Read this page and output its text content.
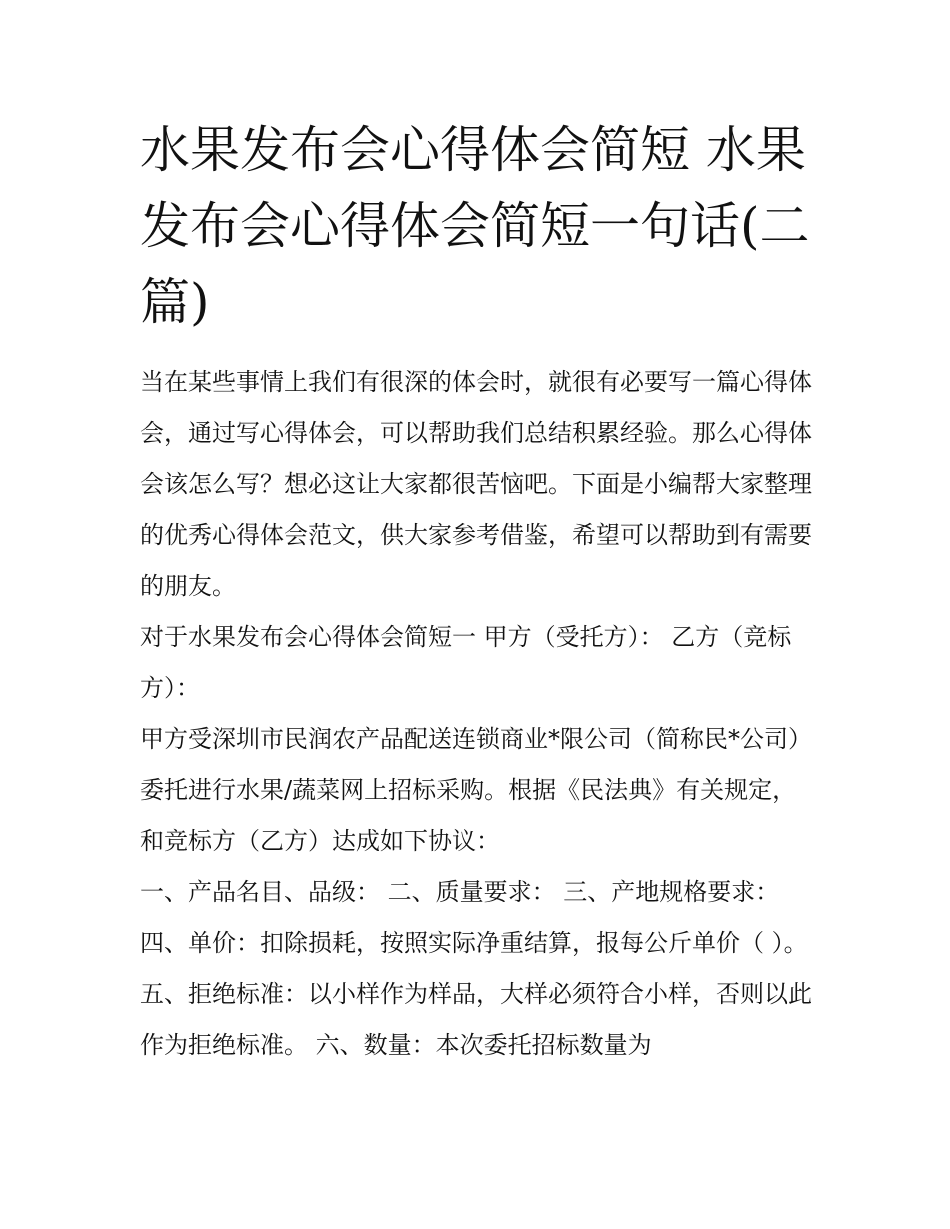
水果发布会心得体会简短 水果发布会心得体会简短一句话(二篇)

当在某些事情上我们有很深的体会时，就很有必要写一篇心得体会，通过写心得体会，可以帮助我们总结积累经验。那么心得体会该怎么写？想必这让大家都很苦恼吧。下面是小编帮大家整理的优秀心得体会范文，供大家参考借鉴，希望可以帮助到有需要的朋友。

对于水果发布会心得体会简短一 甲方（受托方）： 乙方（竞标方）：

甲方受深圳市民润农产品配送连锁商业*限公司（简称民*公司）委托进行水果/蔬菜网上招标采购。根据《民法典》有关规定，和竞标方（乙方）达成如下协议：

一、产品名目、品级： 二、质量要求： 三、产地规格要求：

四、单价：扣除损耗，按照实际净重结算，报每公斤单价（ ）。

五、拒绝标准：以小样作为样品，大样必须符合小样，否则以此作为拒绝标准。 六、数量：本次委托招标数量为
